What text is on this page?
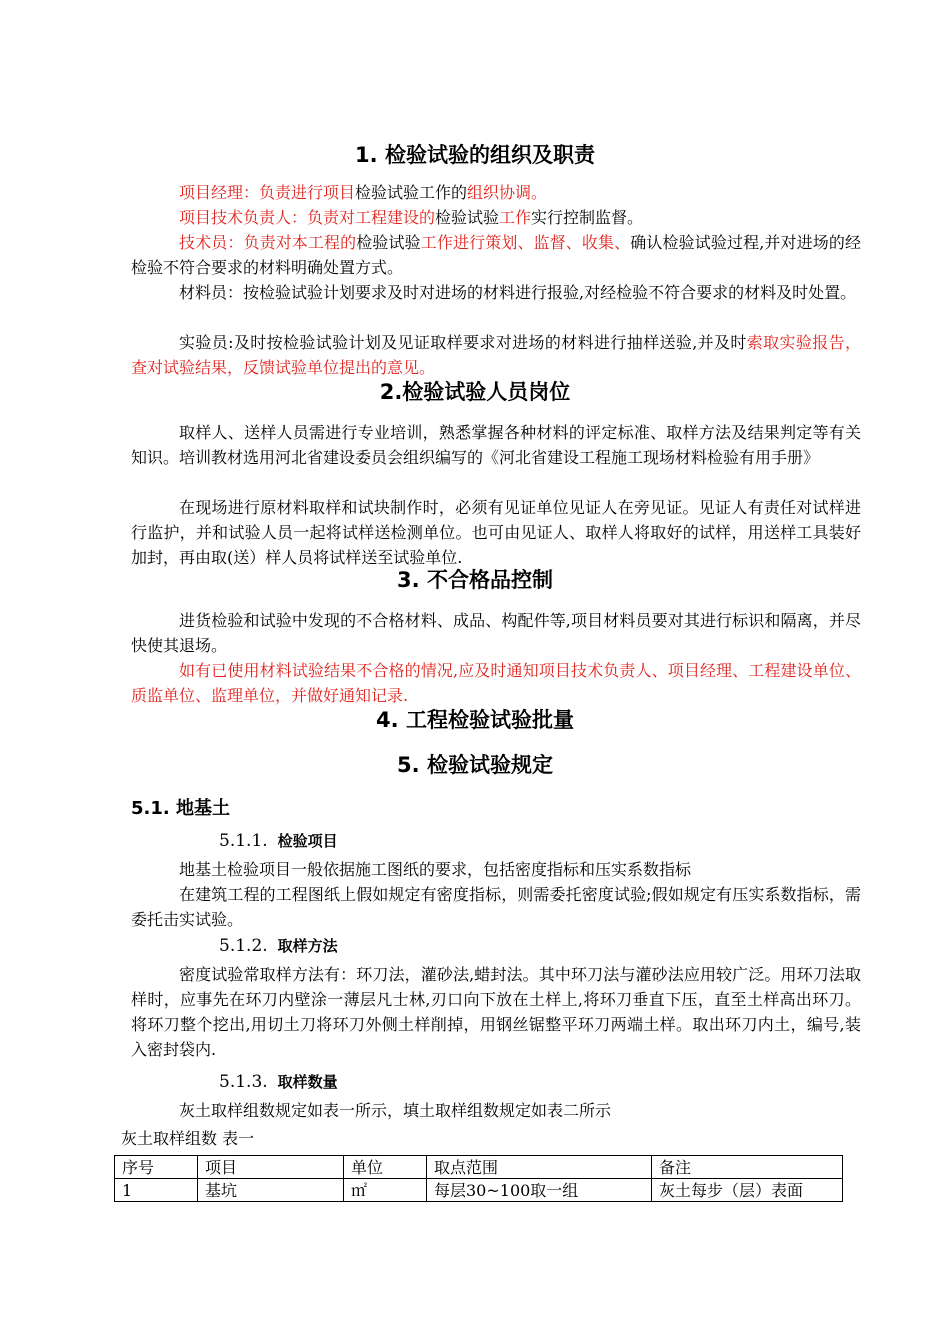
1. 检验试验的组织及职责

项目经理：负责进行项目检验试验工作的组织协调。

项目技术负责人：负责对工程建设的检验试验工作实行控制监督。

技术员：负责对本工程的检验试验工作进行策划、监督、收集、确认检验试验过程,并对进场的经检验不符合要求的材料明确处置方式。

材料员：按检验试验计划要求及时对进场的材料进行报验,对经检验不符合要求的材料及时处置。

实验员:及时按检验试验计划及见证取样要求对进场的材料进行抽样送验,并及时索取实验报告，查对试验结果，反馈试验单位提出的意见。

2.检验试验人员岗位

取样人、送样人员需进行专业培训，熟悉掌握各种材料的评定标准、取样方法及结果判定等有关知识。培训教材选用河北省建设委员会组织编写的《河北省建设工程施工现场材料检验有用手册》

在现场进行原材料取样和试块制作时，必须有见证单位见证人在旁见证。见证人有责任对试样进行监护，并和试验人员一起将试样送检测单位。也可由见证人、取样人将取好的试样，用送样工具装好加封，再由取(送）样人员将试样送至试验单位.

3. 不合格品控制

进货检验和试验中发现的不合格材料、成品、构配件等,项目材料员要对其进行标识和隔离，并尽快使其退场。

如有已使用材料试验结果不合格的情况,应及时通知项目技术负责人、项目经理、工程建设单位、质监单位、监理单位，并做好通知记录.

4. 工程检验试验批量
5. 检验试验规定
5.1. 地基土
5.1.1. 检验项目

地基土检验项目一般依据施工图纸的要求，包括密度指标和压实系数指标

在建筑工程的工程图纸上假如规定有密度指标，则需委托密度试验;假如规定有压实系数指标，需委托击实试验。

5.1.2. 取样方法

密度试验常取样方法有：环刀法，灌砂法,蜡封法。其中环刀法与灌砂法应用较广泛。用环刀法取样时，应事先在环刀内壁涂一薄层凡士林,刃口向下放在土样上,将环刀垂直下压，直至土样高出环刀。将环刀整个挖出,用切土刀将环刀外侧土样削掉，用钢丝锯整平环刀两端土样。取出环刀内土，编号,装入密封袋内.

5.1.3. 取样数量

灰土取样组数规定如表一所示，填土取样组数规定如表二所示

灰土取样组数 表一
序号	项目	单位	取点范围	备注
1	基坑	㎡	每层30~100取一组	灰土每步（层）表面
